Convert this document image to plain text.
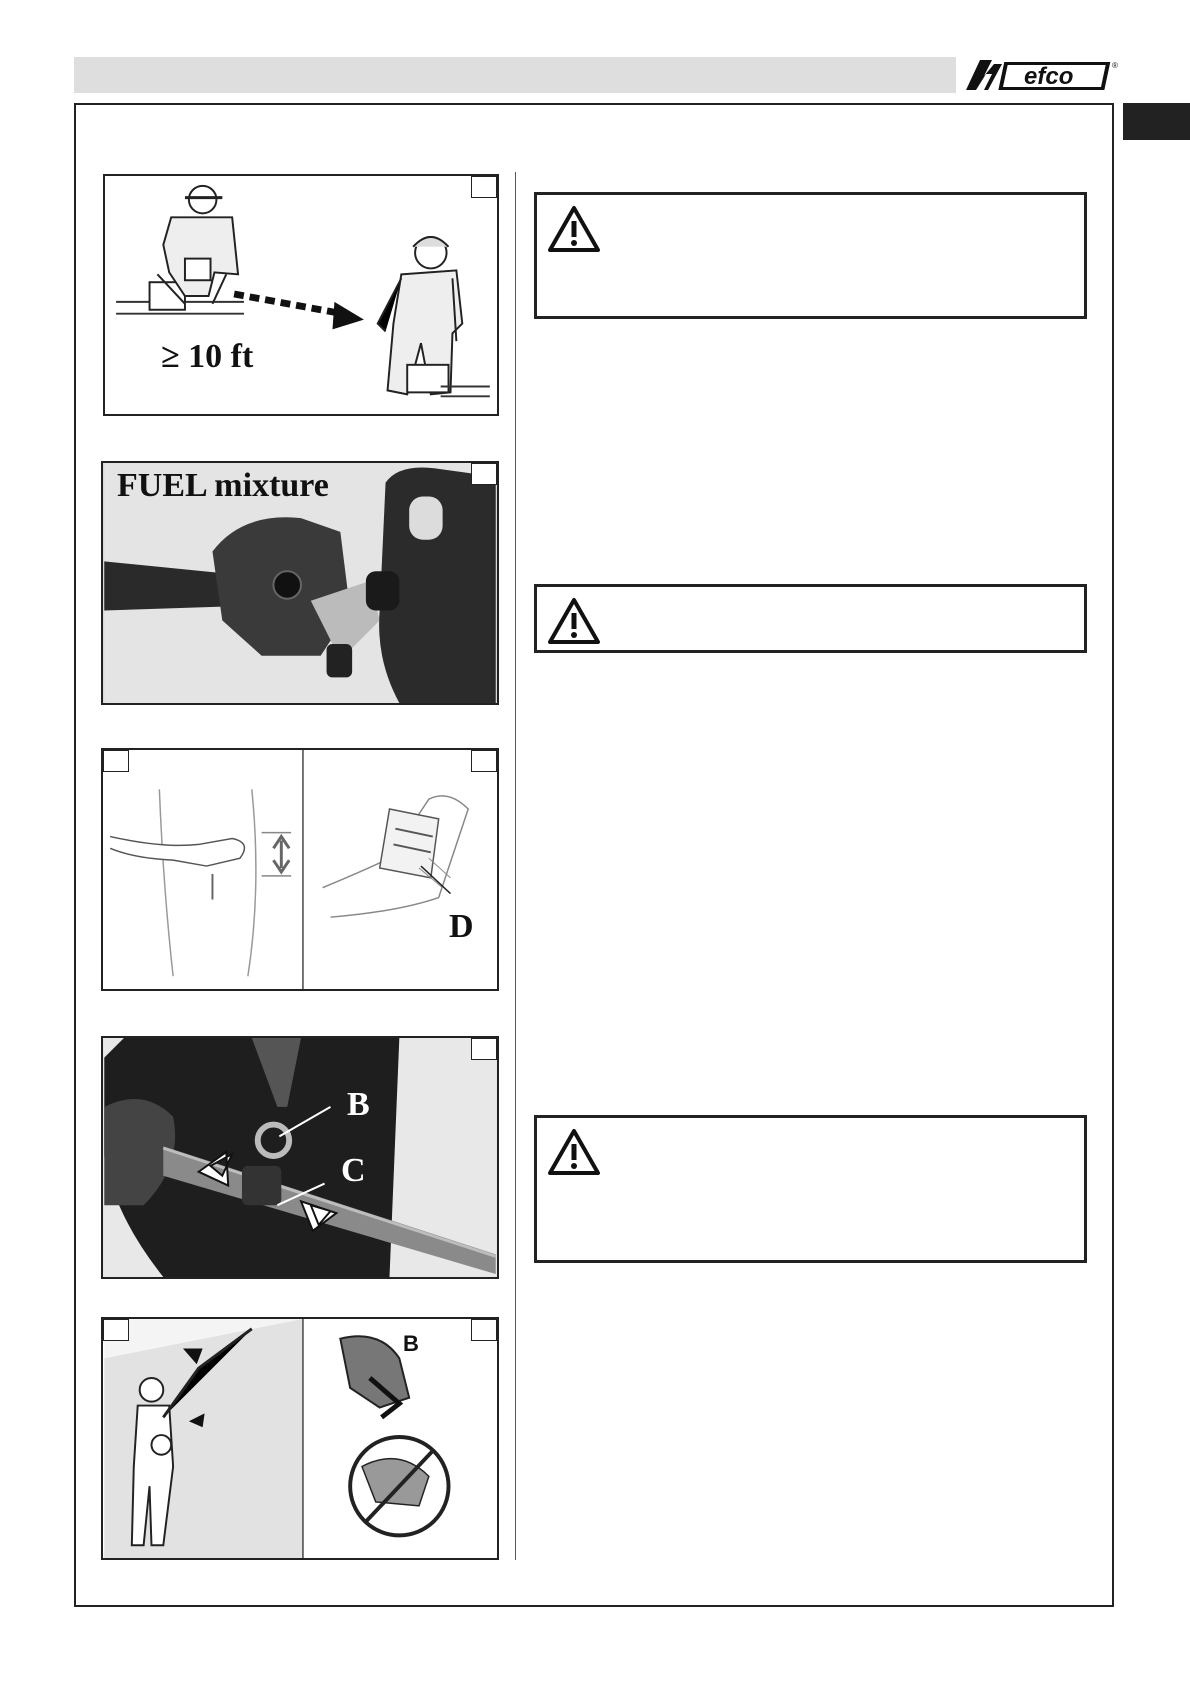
efco	®
≥ 10 ft
FUEL mixture
D
B
C
B
